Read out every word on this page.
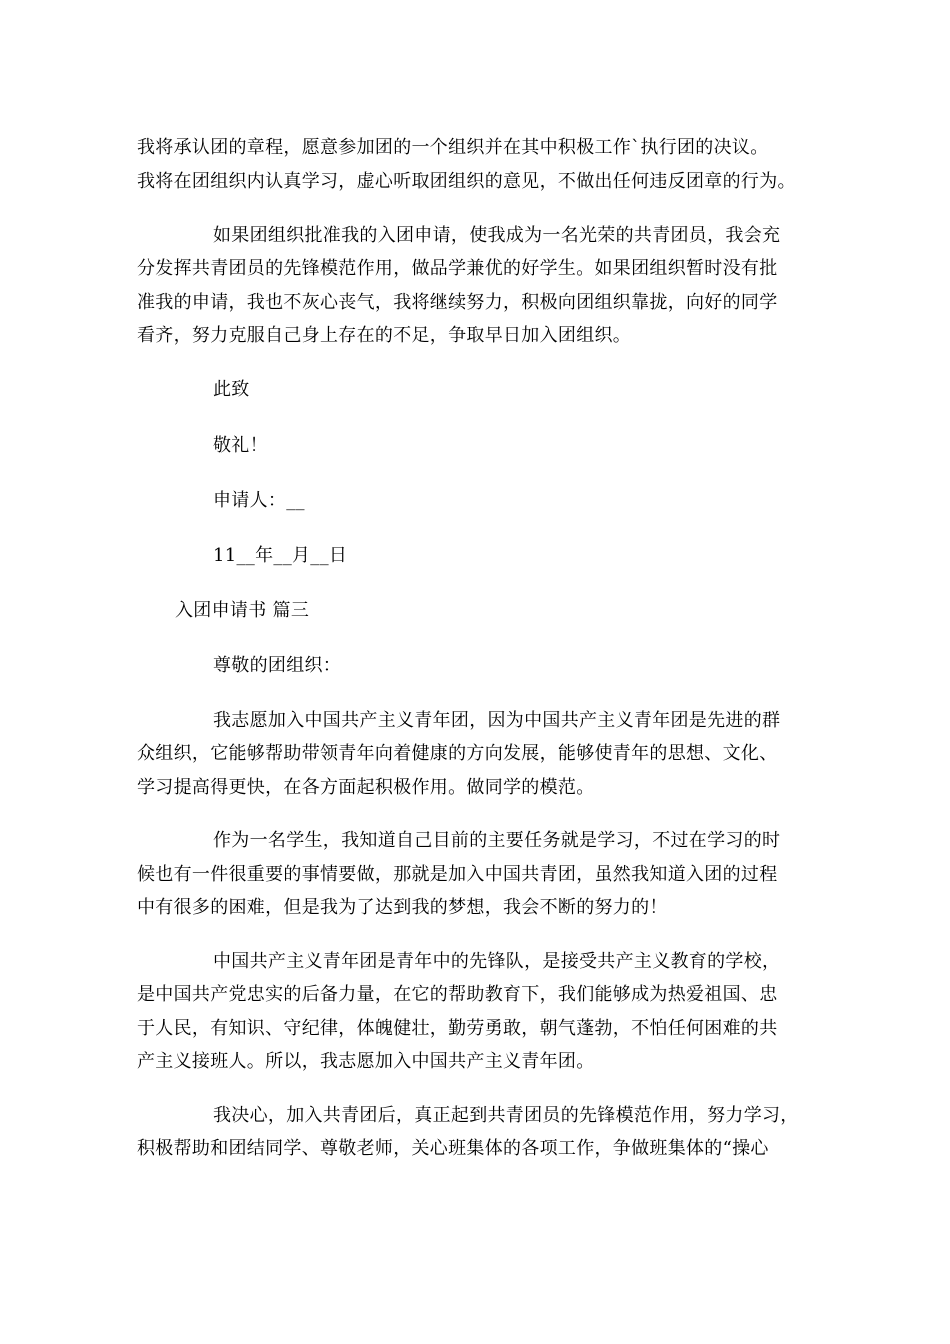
我将承认团的章程，愿意参加团的一个组织并在其中积极工作`执行团的决议。
我将在团组织内认真学习，虚心听取团组织的意见，不做出任何违反团章的行为。
如果团组织批准我的入团申请，使我成为一名光荣的共青团员，我会充
分发挥共青团员的先锋模范作用，做品学兼优的好学生。如果团组织暂时没有批
准我的申请，我也不灰心丧气，我将继续努力，积极向团组织靠拢，向好的同学
看齐，努力克服自己身上存在的不足，争取早日加入团组织。
此致
敬礼！
申请人：__
11__年__月__日
入团申请书 篇三
尊敬的团组织：
我志愿加入中国共产主义青年团，因为中国共产主义青年团是先进的群
众组织，它能够帮助带领青年向着健康的方向发展，能够使青年的思想、文化、
学习提高得更快，在各方面起积极作用。做同学的模范。
作为一名学生，我知道自己目前的主要任务就是学习，不过在学习的时
候也有一件很重要的事情要做，那就是加入中国共青团，虽然我知道入团的过程
中有很多的困难，但是我为了达到我的梦想，我会不断的努力的！
中国共产主义青年团是青年中的先锋队，是接受共产主义教育的学校，
是中国共产党忠实的后备力量，在它的帮助教育下，我们能够成为热爱祖国、忠
于人民，有知识、守纪律，体魄健壮，勤劳勇敢，朝气蓬勃，不怕任何困难的共
产主义接班人。所以，我志愿加入中国共产主义青年团。
我决心，加入共青团后，真正起到共青团员的先锋模范作用，努力学习，
积极帮助和团结同学、尊敬老师，关心班集体的各项工作，争做班集体的“操心
